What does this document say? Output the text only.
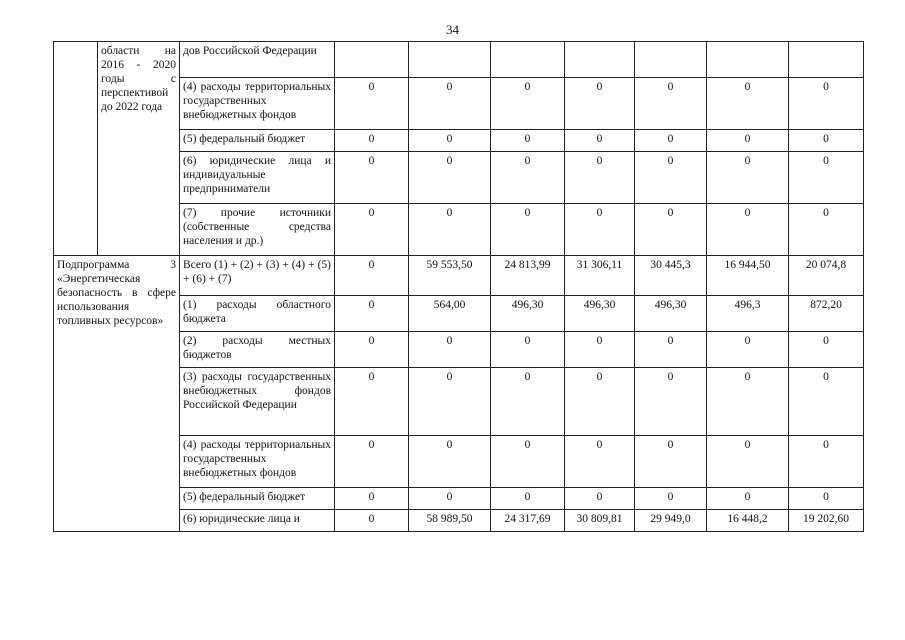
34
	области на 2016 - 2020 годы с перспективой до 2022 года	дов Российской Федерации							
		(4) расходы территориальных государственных внебюджетных фондов	0	0	0	0	0	0	0
		(5) федеральный бюджет	0	0	0	0	0	0	0
		(6) юридические лица и индивидуальные предприниматели	0	0	0	0	0	0	0
		(7) прочие источники (собственные средства населения и др.)	0	0	0	0	0	0	0
Подпрограмма 3 «Энергетическая безопасность в сфере использования топливных ресурсов»		Всего (1) + (2) + (3) + (4) + (5) + (6) + (7)	0	59 553,50	24 813,99	31 306,11	30 445,3	16 944,50	20 074,8
		(1) расходы областного бюджета	0	564,00	496,30	496,30	496,30	496,3	872,20
		(2) расходы местных бюджетов	0	0	0	0	0	0	0
		(3) расходы государственных внебюджетных фондов Российской Федерации	0	0	0	0	0	0	0
		(4) расходы территориальных государственных внебюджетных фондов	0	0	0	0	0	0	0
		(5) федеральный бюджет	0	0	0	0	0	0	0
		(6) юридические лица и	0	58 989,50	24 317,69	30 809,81	29 949,0	16 448,2	19 202,60
